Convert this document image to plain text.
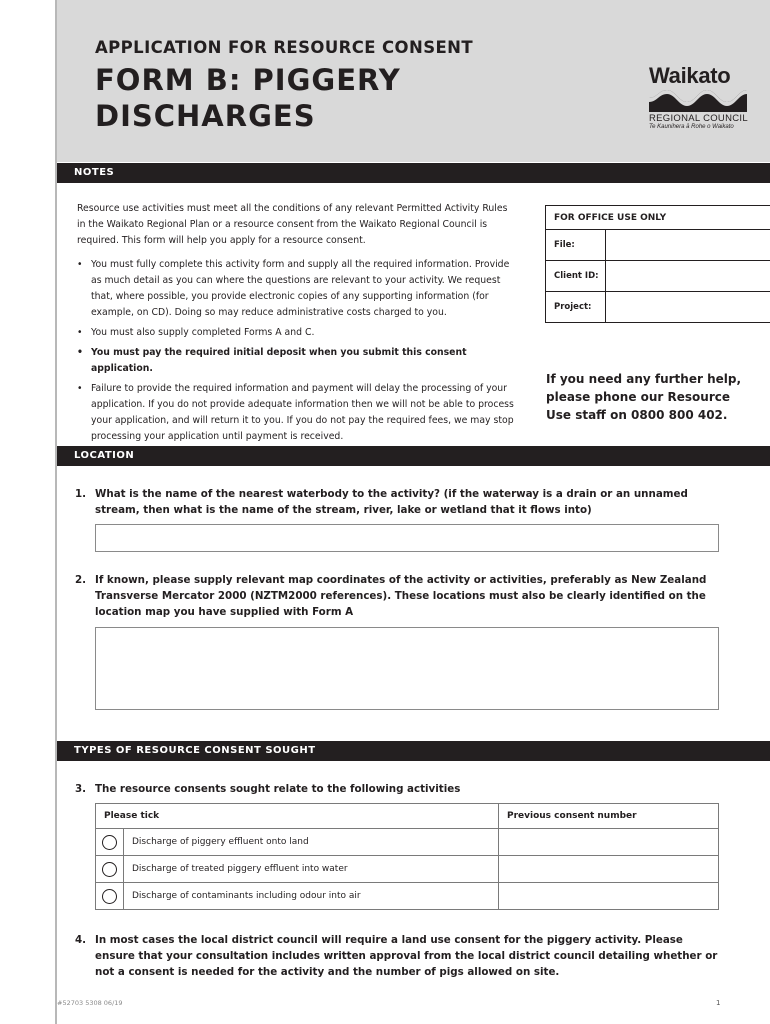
APPLICATION FOR RESOURCE CONSENT
FORM B: PIGGERY
DISCHARGES
Waikato
REGIONAL COUNCIL
Te Kaunihera ā Rohe o Waikato
NOTES

Resource use activities must meet all the conditions of any relevant Permitted Activity Rules in the Waikato Regional Plan or a resource consent from the Waikato Regional Council is required. This form will help you apply for a resource consent.

• You must fully complete this activity form and supply all the required information. Provide as much detail as you can where the questions are relevant to your activity. We request that, where possible, you provide electronic copies of any supporting information (for example, on CD). Doing so may reduce administrative costs charged to you.
• You must also supply completed Forms A and C.
• You must pay the required initial deposit when you submit this consent application.
• Failure to provide the required information and payment will delay the processing of your application. If you do not provide adequate information then we will not be able to process your application, and will return it to you. If you do not pay the required fees, we may stop processing your application until payment is received.
FOR OFFICE USE ONLY	
File:	
Client ID:	
Project:	

If you need any further help, please phone our Resource Use staff on 0800 800 402.

LOCATION
1. What is the name of the nearest waterbody to the activity? (if the waterway is a drain or an unnamed stream, then what is the name of the stream, river, lake or wetland that it flows into)
2. If known, please supply relevant map coordinates of the activity or activities, preferably as New Zealand Transverse Mercator 2000 (NZTM2000 references). These locations must also be clearly identified on the location map you have supplied with Form A
TYPES OF RESOURCE CONSENT SOUGHT
3. The resource consents sought relate to the following activities
Please tick		Previous consent number
	Discharge of piggery effluent onto land	
	Discharge of treated piggery effluent into water	
	Discharge of contaminants including odour into air	
4. In most cases the local district council will require a land use consent for the piggery activity. Please ensure that your consultation includes written approval from the local district council detailing whether or not a consent is needed for the activity and the number of pigs allowed on site.
#52703 5308 06/19	1
